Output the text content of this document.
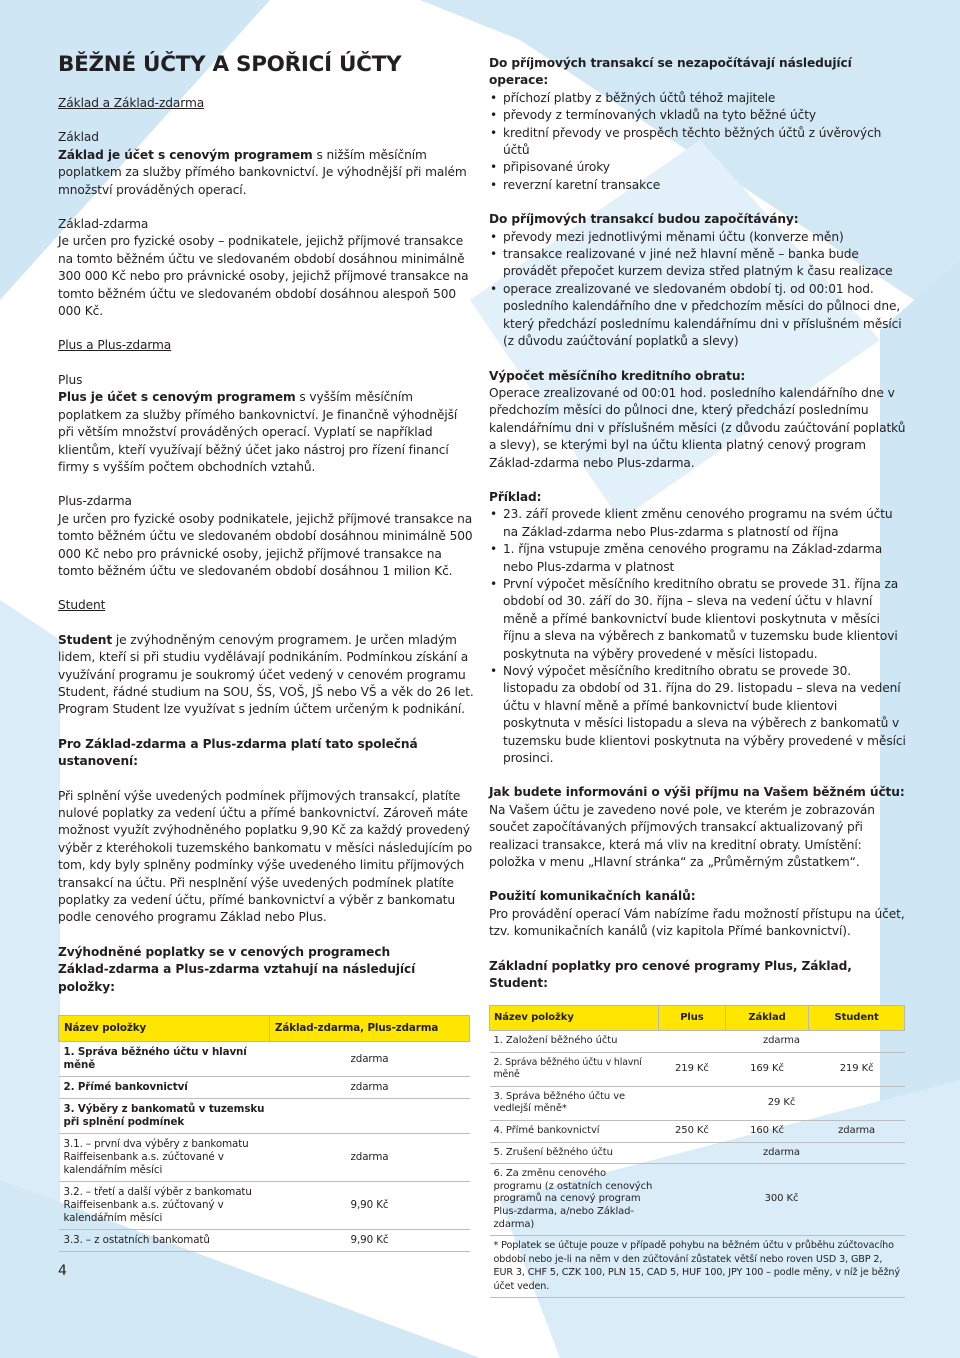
BĚŽNÉ ÚČTY A SPOŘICÍ ÚČTY
Základ a Základ-zdarma

Základ

Základ je účet s cenovým programem s nižším měsíčním poplatkem za služby přímého bankovnictví. Je výhodnější při malém množství prováděných operací.

Základ-zdarma

Je určen pro fyzické osoby – podnikatele, jejichž příjmové transakce na tomto běžném účtu ve sledovaném období dosáhnou minimálně 300 000 Kč nebo pro právnické osoby, jejichž příjmové transakce na tomto běžném účtu ve sledovaném období dosáhnou alespoň 500 000 Kč.

Plus a Plus-zdarma

Plus

Plus je účet s cenovým programem s vyšším měsíčním poplatkem za služby přímého bankovnictví. Je finančně výhodnější při větším množství prováděných operací. Vyplatí se například klientům, kteří využívají běžný účet jako nástroj pro řízení financí firmy s vyšším počtem obchodních vztahů.

Plus-zdarma

Je určen pro fyzické osoby podnikatele, jejichž příjmové transakce na tomto běžném účtu ve sledovaném období dosáhnou minimálně 500 000 Kč nebo pro právnické osoby, jejichž příjmové transakce na tomto běžném účtu ve sledovaném období dosáhnou 1 milion Kč.

Student

Student je zvýhodněným cenovým programem. Je určen mladým lidem, kteří si při studiu vydělávají podnikáním. Podmínkou získání a využívání programu je soukromý účet vedený v cenovém programu Student, řádné studium na SOU, ŠS, VOŠ, JŠ nebo VŠ a věk do 26 let. Program Student lze využívat s jedním účtem určeným k podnikání.

Pro Základ-zdarma a Plus-zdarma platí tato společná ustanovení:

Při splnění výše uvedených podmínek příjmových transakcí, platíte nulové poplatky za vedení účtu a přímé bankovnictví. Zároveň máte možnost využít zvýhodněného poplatku 9,90 Kč za každý provedený výběr z kteréhokoli tuzemského bankomatu v měsíci následujícím po tom, kdy byly splněny podmínky výše uvedeného limitu příjmových transakcí na účtu. Při nesplnění výše uvedených podmínek platíte poplatky za vedení účtu, přímé bankovnictví a výběr z bankomatu podle cenového programu Základ nebo Plus.

Zvýhodněné poplatky se v cenových programech

Základ-zdarma a Plus-zdarma vztahují na následující položky:

Název položky	Základ-zdarma, Plus-zdarma
1. Správa běžného účtu v hlavní měně	zdarma
2. Přímé bankovnictví	zdarma
3. Výběry z bankomatů v tuzemsku při splnění podmínek	
3.1. – první dva výběry z bankomatu Raiffeisenbank a.s. zúčtované v kalendářním měsíci	zdarma
3.2. – třetí a další výběr z bankomatu Raiffeisenbank a.s. zúčtovaný v kalendářním měsíci	9,90 Kč
3.3. – z ostatních bankomatů	9,90 Kč

Do příjmových transakcí se nezapočítávají následující operace:

• příchozí platby z běžných účtů téhož majitele
• převody z termínovaných vkladů na tyto běžné účty
• kreditní převody ve prospěch těchto běžných účtů z úvěrových účtů
• připisované úroky
• reverzní karetní transakce

Do příjmových transakcí budou započítávány:

• převody mezi jednotlivými měnami účtu (konverze měn)
• transakce realizované v jiné než hlavní měně – banka bude provádět přepočet kurzem deviza střed platným k času realizace
• operace zrealizované ve sledovaném období tj. od 00:01 hod. posledního kalendářního dne v předchozím měsíci do půlnoci dne, který předchází poslednímu kalendářnímu dni v příslušném měsíci (z důvodu zaúčtování poplatků a slevy)

Výpočet měsíčního kreditního obratu:

Operace zrealizované od 00:01 hod. posledního kalendářního dne v předchozím měsíci do půlnoci dne, který předchází poslednímu kalendářnímu dni v příslušném měsíci (z důvodu zaúčtování poplatků a slevy), se kterými byl na účtu klienta platný cenový program Základ-zdarma nebo Plus-zdarma.

Příklad:

• 23. září provede klient změnu cenového programu na svém účtu na Základ-zdarma nebo Plus-zdarma s platností od října
• 1. října vstupuje změna cenového programu na Základ-zdarma nebo Plus-zdarma v platnost
• První výpočet měsíčního kreditního obratu se provede 31. října za období od 30. září do 30. října – sleva na vedení účtu v hlavní měně a přímé bankovnictví bude klientovi poskytnuta v měsíci říjnu a sleva na výběrech z bankomatů v tuzemsku bude klientovi poskytnuta na výběry provedené v měsíci listopadu.
• Nový výpočet měsíčního kreditního obratu se provede 30. listopadu za období od 31. října do 29. listopadu – sleva na vedení účtu v hlavní měně a přímé bankovnictví bude klientovi poskytnuta v měsíci listopadu a sleva na výběrech z bankomatů v tuzemsku bude klientovi poskytnuta na výběry provedené v měsíci prosinci.

Jak budete informováni o výši příjmu na Vašem běžném účtu:

Na Vašem účtu je zavedeno nové pole, ve kterém je zobrazován součet započítávaných příjmových transakcí aktualizovaný při realizaci transakce, která má vliv na kreditní obraty. Umístění: položka v menu „Hlavní stránka“ za „Průměrným zůstatkem“.

Použití komunikačních kanálů:

Pro provádění operací Vám nabízíme řadu možností přístupu na účet, tzv. komunikačních kanálů (viz kapitola Přímé bankovnictví).

Základní poplatky pro cenové programy Plus, Základ, Student:

Název položky	Plus	Základ	Student
1. Založení běžného účtu	zdarma		
2. Správa běžného účtu v hlavní měně	219 Kč	169 Kč	219 Kč
3. Správa běžného účtu ve vedlejší měně*	29 Kč		
4. Přímé bankovnictví	250 Kč	160 Kč	zdarma
5. Zrušení běžného účtu	zdarma		
6. Za změnu cenového programu (z ostatních cenových programů na cenový program Plus-zdarma, a/nebo Základ-zdarma)	300 Kč		
* Poplatek se účtuje pouze v případě pohybu na běžném účtu v průběhu zúčtovacího období nebo je-li na něm v den zúčtování zůstatek větší nebo roven USD 3, GBP 2, EUR 3, CHF 5, CZK 100, PLN 15, CAD 5, HUF 100, JPY 100 – podle měny, v níž je běžný účet veden.			
4
